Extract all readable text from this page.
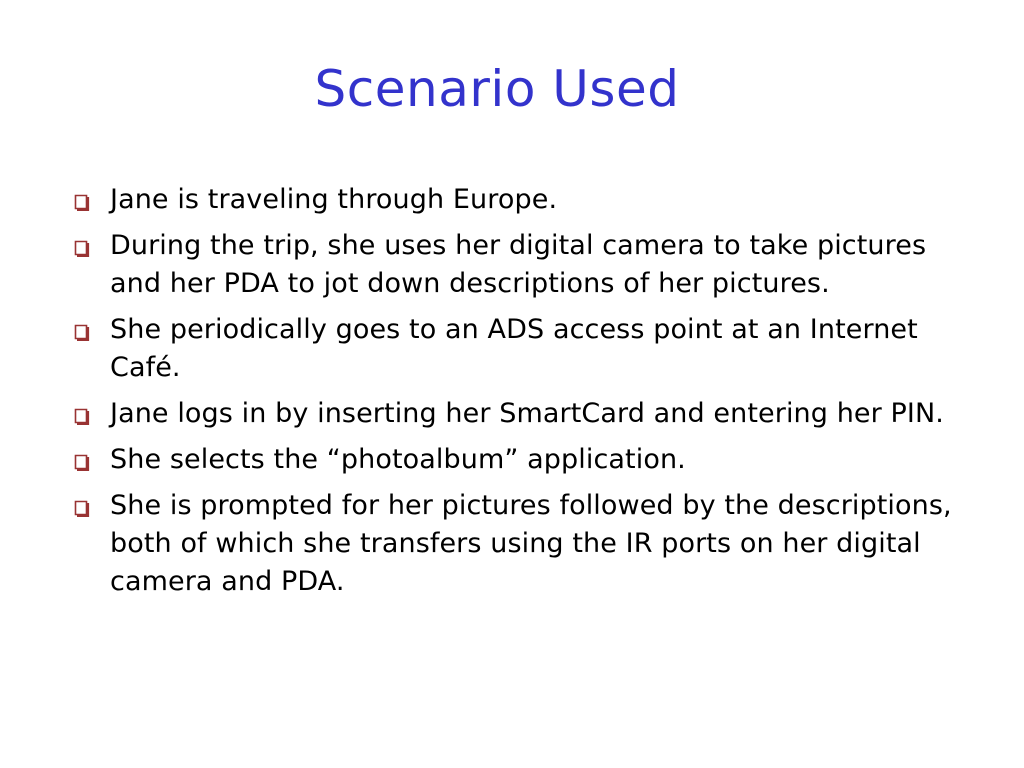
Scenario Used
Jane is traveling through Europe.
During the trip, she uses her digital camera to take pictures and her PDA to jot down descriptions of her pictures.
She periodically goes to an ADS access point at an Internet Café.
Jane logs in by inserting her SmartCard and entering her PIN.
She selects the “photoalbum” application.
She is prompted for her pictures followed by the descriptions, both of which she transfers using the IR ports on her digital camera and PDA.
